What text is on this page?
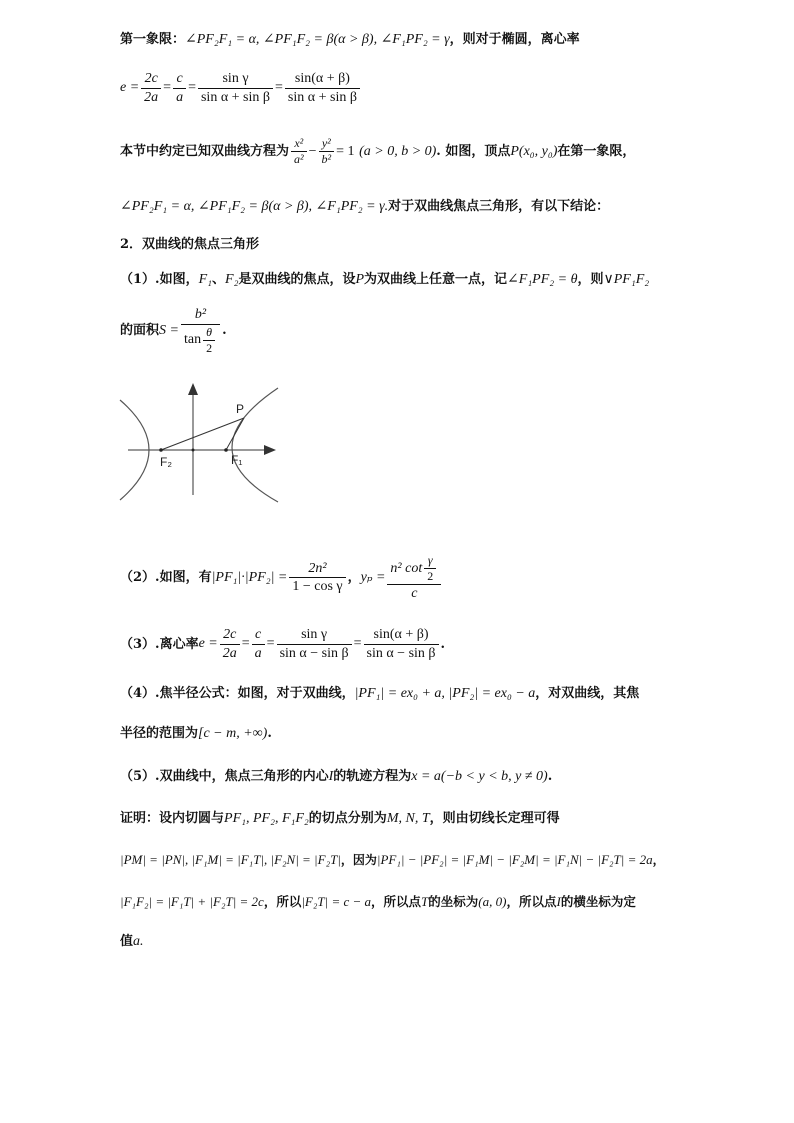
第一象限：∠PF₂F₁ = α, ∠PF₁F₂ = β(α > β), ∠F₁PF₂ = γ，则对于椭圆，离心率
$e = \frac{2c}{2a} = \frac{c}{a} = \frac{\text{sin γ}}{\text{sin α + sin β}} = \frac{\sin(\alpha + \beta)}{\text{sin α + sin β}}$
本节中约定已知双曲线方程为 $\frac{\text{x²}}{\text{a²}} - \frac{\text{y²}}{\text{b²}} = 1$
(a > 0, b > 0) . 如图，顶点 P(x₀, y₀) 在第一象限，
∠PF₂F₁ = α, ∠PF₁F₂ = β(α > β), ∠F₁PF₂ = γ.对于双曲线焦点三角形，有以下结论：
2．双曲线的焦点三角形
（1）.如图，F₁、F₂是双曲线的焦点，设P为双曲线上任意一点，记∠F₁PF₂ = θ，则∨PF₁F₂
的面积 $S = \frac{\text{b²}}{\tan \frac{\theta}{2}}$ .
P
F₂	F₁
（2）.如图，有 $|PF_1|\cdot|PF_2| = \frac{\text{2n²}}{\text{1 − cos γ}}$ ， $y_p = \frac{n^2 \cot \frac{\gamma}{2}}{c}$
（3）.离心率 $e = \frac{2c}{2a} = \frac{c}{a} = \frac{\text{sin γ}}{\text{sin α − sin β}} = \frac{\sin(\alpha + \beta)}{\text{sin α − sin β}}$ .
（4）.焦半径公式：如图，对于双曲线，|PF₁| = ex₀ + a, |PF₂| = ex₀ − a，对双曲线，其焦
半径的范围为[c − m, +∞).
（5）.双曲线中，焦点三角形的内心I的轨迹方程为x = a(−b < y < b, y ≠ 0).
证明：设内切圆与PF₁, PF₂, F₁F₂的切点分别为M, N, T，则由切线长定理可得
|PM| = |PN|, |F₁M| = |F₁T|, |F₂N| = |F₂T|，因为|PF₁| − |PF₂| = |F₁M| − |F₂M| = |F₁N| − |F₂T| = 2a，
|F₁F₂| = |F₁T| + |F₂T| = 2c，所以|F₂T| = c − a，所以点T的坐标为(a, 0)，所以点I的横坐标为定
值a.
